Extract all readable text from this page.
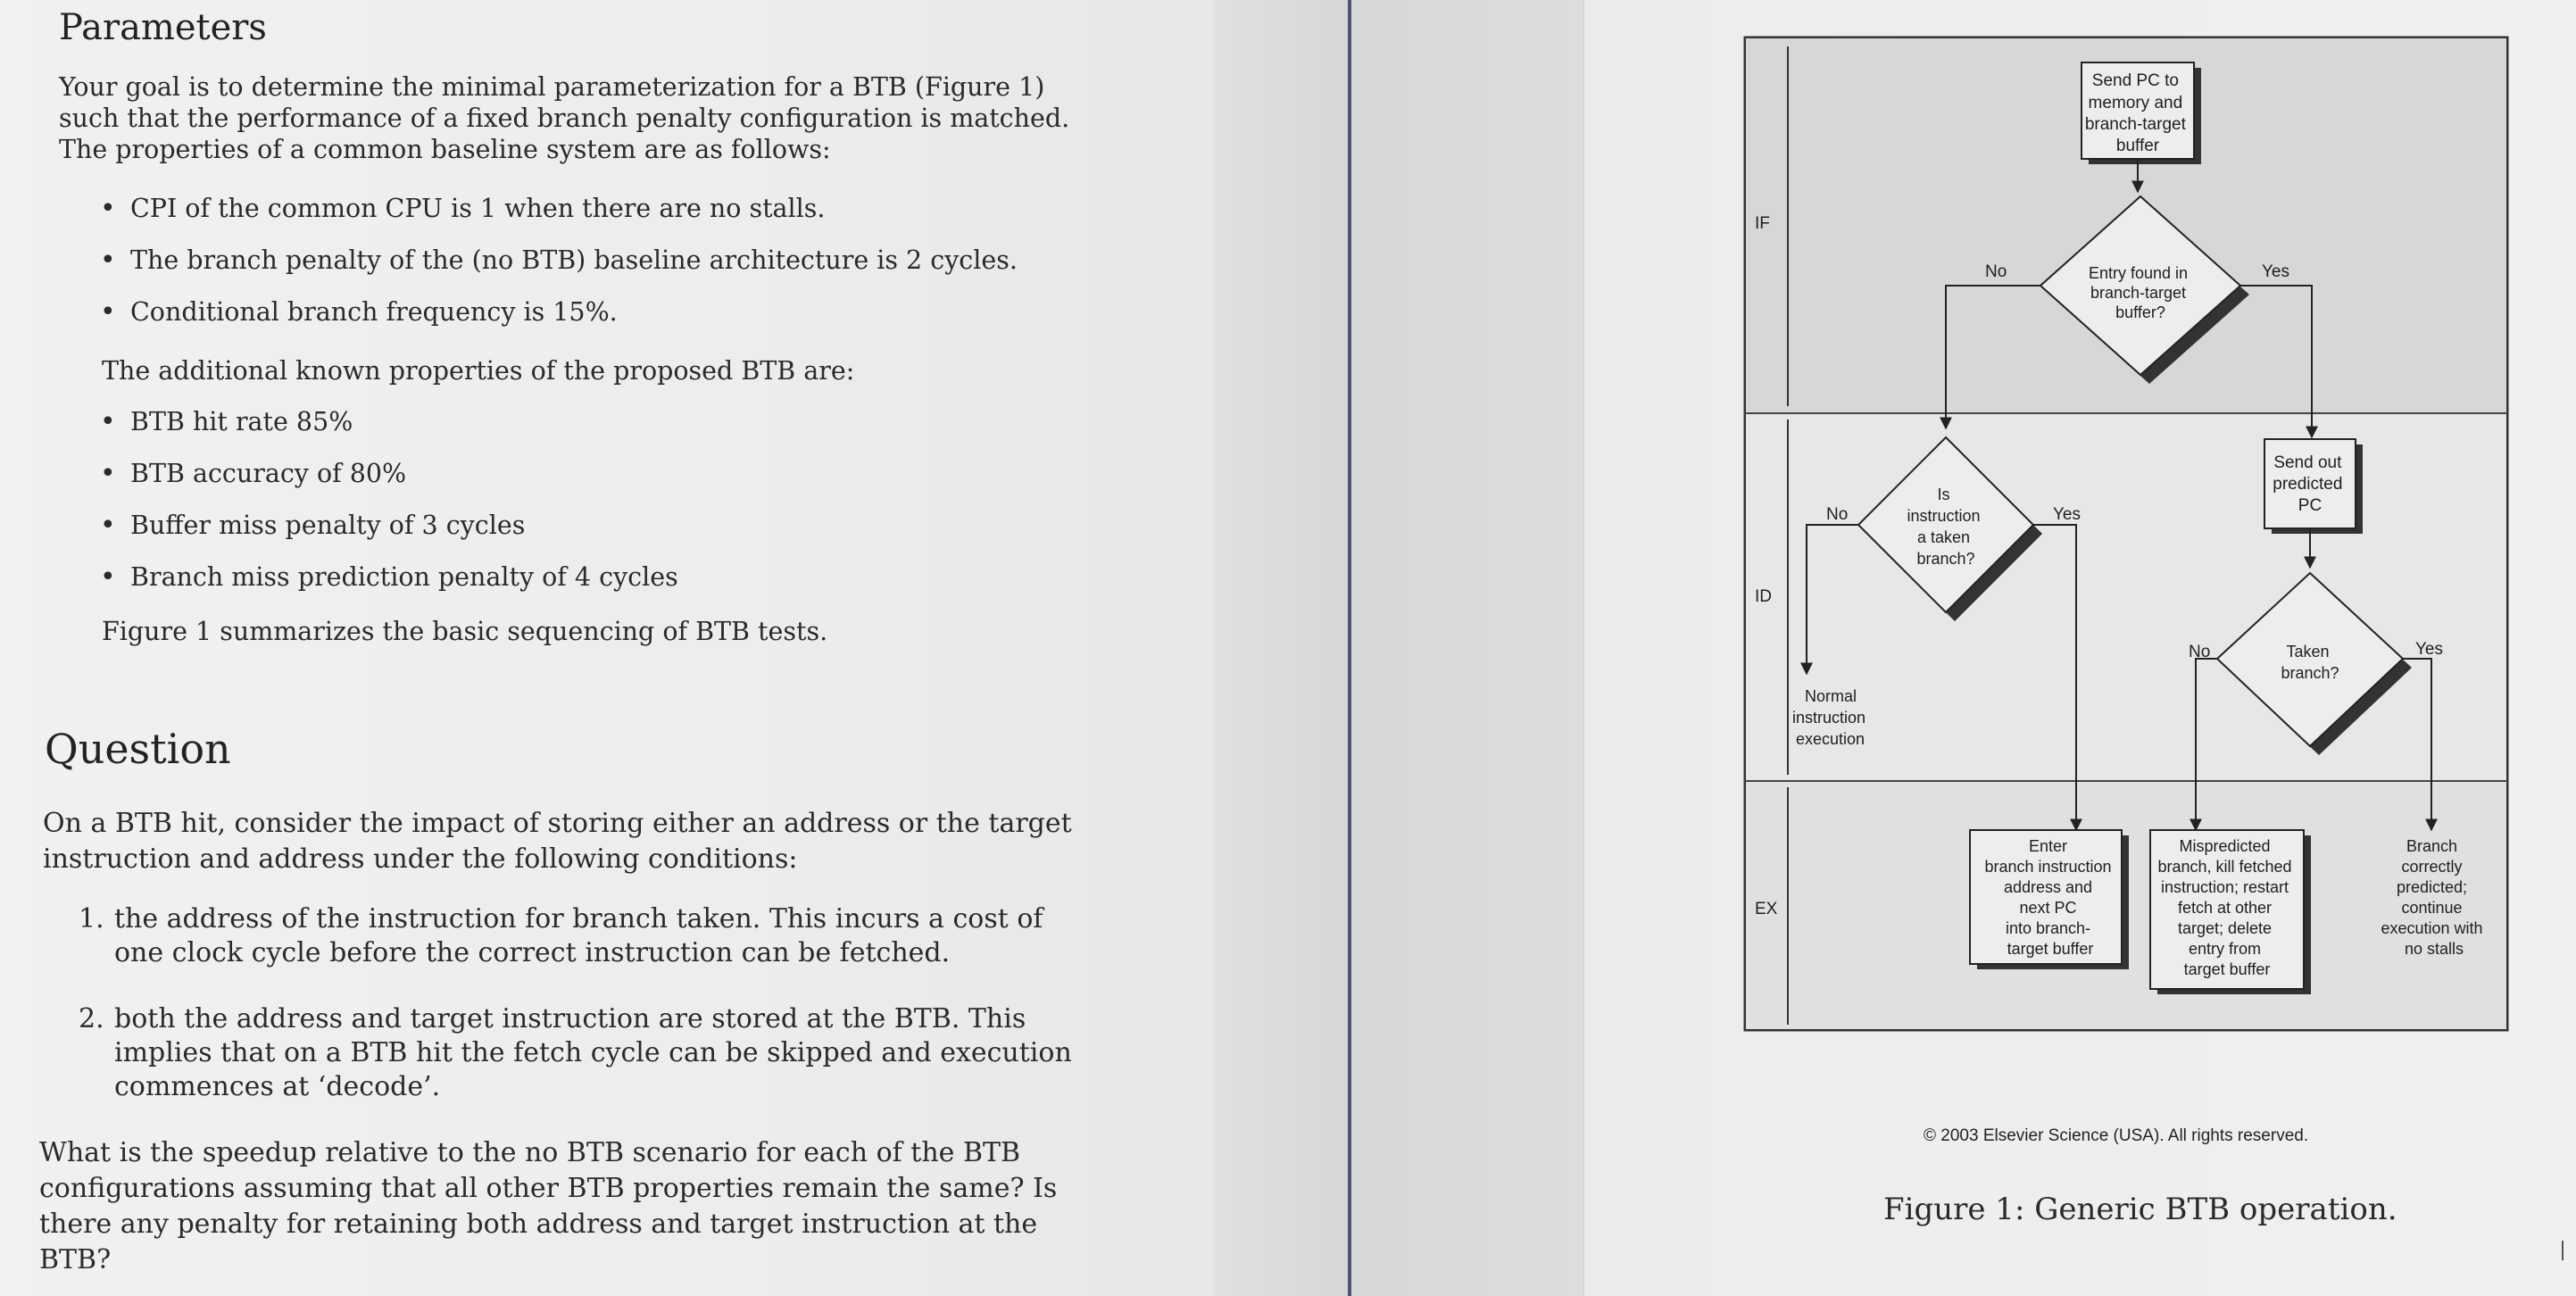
Parameters

Your goal is to determine the minimal parameterization for a BTB (Figure 1)
such that the performance of a fixed branch penalty configuration is matched.
The properties of a common baseline system are as follows:

• CPI of the common CPU is 1 when there are no stalls.
• The branch penalty of the (no BTB) baseline architecture is 2 cycles.
• Conditional branch frequency is 15%.

The additional known properties of the proposed BTB are:

• BTB hit rate 85%
• BTB accuracy of 80%
• Buffer miss penalty of 3 cycles
• Branch miss prediction penalty of 4 cycles

Figure 1 summarizes the basic sequencing of BTB tests.

Question

On a BTB hit, consider the impact of storing either an address or the target
instruction and address under the following conditions:

1. the address of the instruction for branch taken. This incurs a cost of
one clock cycle before the correct instruction can be fetched.
2. both the address and target instruction are stored at the BTB. This
implies that on a BTB hit the fetch cycle can be skipped and execution
commences at ‘decode’.

What is the speedup relative to the no BTB scenario for each of the BTB
configurations assuming that all other BTB properties remain the same? Is
there any penalty for retaining both address and target instruction at the
BTB?

IF
ID
EX
Send PC to memory and branch-target buffer
Entry found in branch-target buffer?
No	Yes
Is instruction a taken branch?
No
Normal instruction execution
Yes
Send out predicted PC
Taken branch?
No	Yes
Enter branch instruction address and next PC into branch- target buffer
Mispredicted branch, kill fetched instruction; restart fetch at other target; delete entry from target buffer
Branch correctly predicted; continue execution with no stalls

© 2003 Elsevier Science (USA). All rights reserved.

Figure 1: Generic BTB operation.
